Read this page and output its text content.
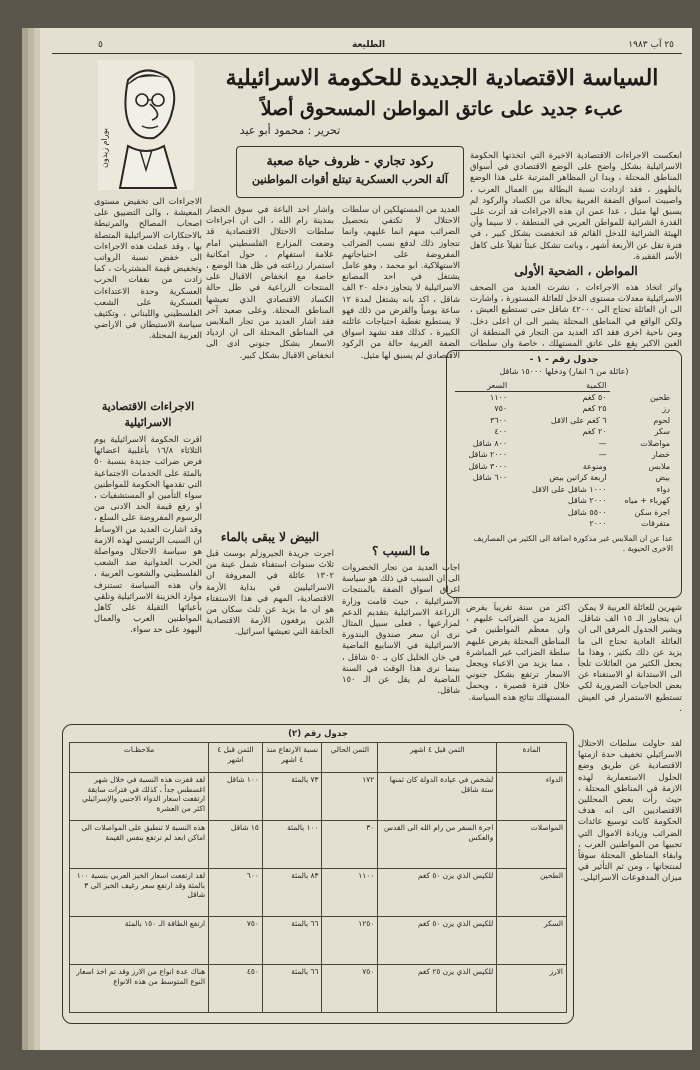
٢٥ آب ١٩٨٣
الطليعة
٥
بورام زيدون
السياسة الاقتصادية الجديدة للحكومة الاسرائيلية
عبء جديد على عاتق المواطن المسحوق أصلاً
تحرير : محمود أبو عيد
انعكست الاجراءات الاقتصادية الاخيرة التي اتخذتها الحكومة الاسرائيلية بشكل واضح على الوضع الاقتصادي في أسواق المناطق المحتلة ، وبدا ان المظاهر المترتبة على هذا الوضع بالظهور ، فقد ازدادت نسبة البطالة بين العمال العرب ، واصيبت اسواق الضفة الغربية بحالة من الكساد والركود لم يسبق لها مثيل ، عدا عمن ان هذه الاجراءات قد أثرت على القدرة الشرائية للمواطن العربي في المنطقة ، لا سيما وأن الهيئة الشرائية للدخل القائم قد انخفضت بشكل كبير ، في فترة تقل عن الأربعة أشهر ، وباتت تشكل عبئاً ثقيلاً على كاهل الأسر الفقيرة.
المواطن ، الضحية الأولى
واثر اتخاذ هذه الاجراءات ، نشرت العديد من الصحف الاسرائيلية معدلات مستوى الدخل للعائلة المستورة ، واشارت الى ان العائلة تحتاج الى ٤٢٠٠٠ شاقل حتى تستطيع العيش ، ولكن الواقع في المناطق المحتلة يشير الى ان اعلى دخل. ومن ناحية اخرى فقد اكد العديد من التجار في المنطقة ان الغبن الاكبر يقع على عاتق المستهلك ، خاصة وان سلطات
جدول رقم - ١ -
(عائلة من ٦ انفار) ودخلها ١٥٠٠٠ شاقل
	الكمية	السعر
طحين	٥٠ كغم	١١٠٠
رز	٢٥ كغم	٧٥٠
لحوم	٦ كغم على الاقل	٣٦٠٠
سكر	٢٠ كغم	٤٠٠
مواصلات	—	٨٠٠ شاقل
خضار	—	٢٠٠٠ شاقل
ملابس	ومنوعة	٣٠٠٠ شاقل
بيض	اربعة كراتين بيض	٦٠٠ شاقل
دواء	١٠٠٠ شاقل على الاقل	
كهرباء + مياه	٢٠٠٠ شاقل	
اجرة سكن	٥٥٠٠ شاقل	
متفرقات	٢٠٠٠	
عدا عن ان الملابس غير مذكورة اضافة الى الكثير من المصاريف الاخرى الحيوية .
ركود تجاري - ظروف حياة صعبة
آلة الحرب العسكرية تبتلع أقوات المواطنين
العديد من المستهلكين ان سلطات الاحتلال لا تكتفي بتحصيل الضرائب منهم انما عليهم، وانما تتجاوز ذلك لدفع نسب الضرائب المفروضة على احتياجاتهم الاستهلاكية. ابو محمد ، وهو عامل يشتغل في احد المصانع الاسرائيلية لا يتجاوز دخله ٢٠ الف شاقل ، اكد بانه يشتغل لمدة ١٢ ساعة يومياً والقرض من ذلك فهو لا يستطيع تغطية احتياجات عائلته الكبيرة ، كذلك فقد نشهد اسواق الضفة الغربية حالة من الركود الاقتصادي لم يسبق لها مثيل.
واشار احد الباعة في سوق الخضار بمدينة رام الله ، الى ان اجراءات سلطات الاحتلال الاقتصادية قد وضعت المزارع الفلسطيني امام علامة استفهام ، حول امكانية استمرار زراعته في ظل هذا الوضع ، خاصة مع انخفاض الاقبال على المنتجات الزراعية في ظل حالة الكساد الاقتصادي الذي تعيشها المناطق المحتلة. وعلى صعيد آخر فقد اشار العديد من تجار الملابس في المناطق المحتلة الى ان ازدياد الاسعار بشكل جنوني ادى الى انخفاض الاقبال بشكل كبير.
ما السبب ؟
اجاب العديد من تجار الخضروات الى ان السبب في ذلك هو سياسة اغراق اسواق الضفة بالمنتجات الاسرائيلية ، حيث قامت وزارة الزراعة الاسرائيلية بتقديم الدعم لمزارعيها ، فعلى سبيل المثال نرى ان سعر صندوق البندورة الاسرائيلية في الاسابيع الماضية في خان الخليل كان بـ ٥٠ شاقل ، بينما نرى هذا الوقت في السنة الماضية لم يقل عن الـ ١٥٠ شاقل.
البيض لا يبقى بالماء
اجرت جريدة الجيروزلم بوست قبل ثلاث سنوات استفتاء شمل عينة من ١٣٠٢ عائلة في المعروفة ان الاسرائيليين في بداية الأزمة الاقتصادية، المهم في هذا الاستفتاء هو ان ما يزيد عن ثلث سكان من الذين يرفعون الأزمة الاقتصادية الخانقة التي تعيشها اسرائيل.
اكثر من ستة تقريباً يفرض المزيد من الضرائب عليهم ، وان معظم المواطنين في المناطق المحتلة يفرض عليهم سلطة الضرائب غير المباشرة ، مما يزيد من الاعباء ويجعل الاسعار ترتفع بشكل جنوني خلال فترة قصيرة ، ويحمل المستهلك نتائج هذه السياسة.
شهرين للعائلة العربية لا يمكن ان يتجاوز الـ ١٥ الف شاقل. ويشير الجدول المرفق الى ان العائلة العادية تحتاج الى ما يزيد عن ذلك بكثير ، وهذا ما يجعل الكثير من العائلات تلجأ الى الاستدانة او الاستغناء عن بعض الحاجيات الضرورية لكي تستطيع الاستمرار في العيش .
لقد حاولت سلطات الاحتلال الاسرائيلي تخفيف حدة ازمتها الاقتصادية عن طريق وضع الحلول الاستعمارية لهذه الازمة في المناطق المحتلة ، حيث رأت بعض المحللين الاقتصاديين الى انه هدف الحكومة كانت توسيع عائدات الضرائب وزيادة الاموال التي تجبيها من المواطنين العرب ، وابقاء المناطق المحتلة سوقاً لمنتجاتها ، ومن ثم التأثير في ميزان المدفوعات الاسرائيلي.
الاجراءات الى تخفيض مستوى المعيشة ، والى التضييق على اصحاب المصالح والمرتبطة بالاحتكارات الاسرائيلية المتصلة بها ، وقد عملت هذه الاجراءات الى خفض نسبة الرواتب وتخفيض قيمة المشتريات ، كما زادت من نفقات الحرب العسكرية وحدة الاعتداءات العسكرية على الشعب الفلسطيني واللبناني ، وتكثيف سياسة الاستيطان في الاراضي العربية المحتلة.
الاجراءات الاقتصادية
الاسرائيلية
اقرت الحكومة الاسرائيلية يوم الثلاثاء ١٦/٨ بأغلبية اعضائها فرض ضرائب جديدة بنسبة ٥٠ بالمئة على الخدمات الاجتماعية التي تقدمها الحكومة للمواطنين سواء التأمين او المستشفيات ، او رفع قيمة الحد الادنى من الرسوم المفروضة على السلع ، وقد اشارت العديد من الاوساط ان السبب الرئيسي لهذه الازمة هو سياسة الاحتلال ومواصلة الحرب العدوانية ضد الشعب الفلسطيني والشعوب العربية ، وان هذه السياسة تستنزف موارد الخزينة الاسرائيلية وتلقي بأعبائها الثقيلة على كاهل المواطنين العرب والعمال اليهود على حد سواء.
جدول رقم (٢)
المادة	الثمن قبل ٤ اشهر	الثمن الحالي	نسبة الارتفاع منذ ٤ اشهر	الثمن قبل ٤ اشهر	ملاحظـات
الدواء	لشخص في عيادة الدولة كان ثمنها ستة شاقل	١٧٢	٧٣ بالمئة	١٠٠ شاقل	لقد قفزت هذه النسبة في خلال شهر اغسطس جداً ، كذلك في فترات سابقة ارتفعت اسعار الدواء الاجنبي والإسرائيلي اكثر من العشرة
المواصلات	اجرة السفر من رام الله الى القدس والعكس	٣٠	١٠٠ بالمئة	١٥ شاقل	هذه النسبة لا تنطبق على المواصلات الى اماكن ابعد لم ترتفع بنفس القيمة
الطحين	للكيس الذي يزن ٥٠ كغم	١١٠٠	٨٣ بالمئة	٦٠٠	لقد ارتفعت اسعار الخبز العربي بنسبة ١٠٠ بالمئة وقد ارتفع سعر رغيف الخبز الى ٣ شاقل
السكر	للكيس الذي يزن ٥٠ كغم	١٢٥٠	٦٦ بالمئة	٧٥٠	ارتفع الطاقة الـ ١٥٠ بالمئة
الارز	للكيس الذي يزن ٢٥ كغم	٧٥٠	٦٦ بالمئة	٤٥٠	هناك عدة انواع من الارز وقد تم اخذ اسعار النوع المتوسط من هذه الانواع
